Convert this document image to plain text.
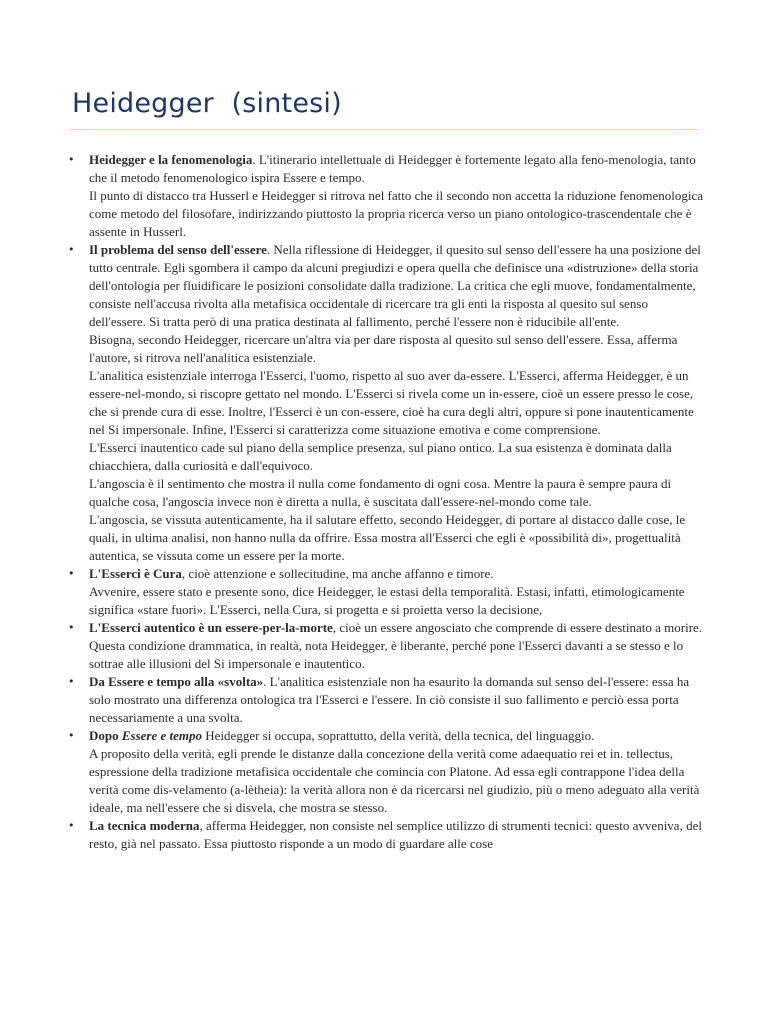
Heidegger  (sintesi)
•	Heidegger e la fenomenologia. L'itinerario intellettuale di Heidegger è fortemente legato alla feno-menologia, tanto che il metodo fenomenologico ispira Essere e tempo.

Il punto di distacco tra Husserl e Heidegger si ritrova nel fatto che il secondo non accetta la riduzione fenomenologica come metodo del filosofare, indirizzando piuttosto la propria ricerca verso un piano ontologico-trascendentale che è assente in Husserl.

•	Il problema del senso dell'essere. Nella riflessione di Heidegger, il quesito sul senso dell'essere ha una posizione del tutto centrale. Egli sgombera il campo da alcuni pregiudizi e opera quella che definisce una «distruzione» della storia dell'ontologia per fluidificare le posizioni consolidate dalla tradizione. La critica che egli muove, fondamentalmente, consiste nell'accusa rivolta alla metafisica occidentale di ricercare tra gli enti la risposta al quesito sul senso dell'essere. Si tratta però di una pratica destinata al fallimento, perché l'essere non è riducibile all'ente.

Bisogna, secondo Heidegger, ricercare un'altra via per dare risposta al quesito sul senso dell'essere. Essa, afferma l'autore, si ritrova nell'analitica esistenziale.

L'analitica esistenziale interroga l'Esserci, l'uomo, rispetto al suo aver da-essere. L'Esserci, afferma Heidegger, è un essere-nel-mondo, si riscopre gettato nel mondo. L'Esserci si rivela come un in-essere, cioè un essere presso le cose, che si prende cura di esse. Inoltre, l'Esserci è un con-essere, cioè ha cura degli altri, oppure si pone inautenticamente nel Si impersonale. Infine, l'Esserci si caratterizza come situazione emotiva e come comprensione.

L'Esserci inautentico cade sul piano della semplice presenza, sul piano ontico. La sua esistenza è dominata dalla chiacchiera, dalla curiosità e dall'equivoco.

L'angoscia è il sentimento che mostra il nulla come fondamento di ogni cosa. Mentre la paura è sempre paura di qualche cosa, l'angoscia invece non è diretta a nulla, è suscitata dall'essere-nel-mondo come tale.

L'angoscia, se vissuta autenticamente, ha il salutare effetto, secondo Heidegger, di portare al distacco dalle cose, le quali, in ultima analisi, non hanno nulla da offrire. Essa mostra all'Esserci che egli è «possibilità di», progettualità autentica, se vissuta come un essere per la morte.

•	L'Esserci è Cura, cioè attenzione e sollecitudine, ma anche affanno e timore.

Avvenire, essere stato e presente sono, dice Heidegger, le estasi della temporalità. Estasi, infatti, etimologicamente significa «stare fuori». L'Esserci, nella Cura, si progetta e si proietta verso la decisione,

•	L'Esserci autentico è un essere-per-la-morte, cioè un essere angosciato che comprende di essere destinato a morire. Questa condizione drammatica, in realtà, nota Heidegger, è liberante, perché pone l'Esserci davanti a se stesso e lo sottrae alle illusioni del Si impersonale e inautentico.

•	Da Essere e tempo alla «svolta». L'analitica esistenziale non ha esaurito la domanda sul senso del-l'essere: essa ha solo mostrato una differenza ontologica tra l'Esserci e l'essere. In ciò consiste il suo fallimento e perciò essa porta necessariamente a una svolta.

•	Dopo Essere e tempo Heidegger si occupa, soprattutto, della verità, della tecnica, del linguaggio.

A proposito della verità, egli prende le distanze dalla concezione della verità come adaequatio rei et in. tellectus, espressione della tradizione metafisica occidentale che comincia con Platone. Ad essa egli contrappone l'idea della verità come dis-velamento (a-lètheia): la verità allora non è da ricercarsi nel giudizio, più o meno adeguato alla verità ideale, ma nell'essere che si disvela, che mostra se stesso.

•	La tecnica moderna, afferma Heidegger, non consiste nel semplice utilizzo di strumenti tecnici: questo avveniva, del resto, già nel passato. Essa piuttosto risponde a un modo di guardare alle cose
